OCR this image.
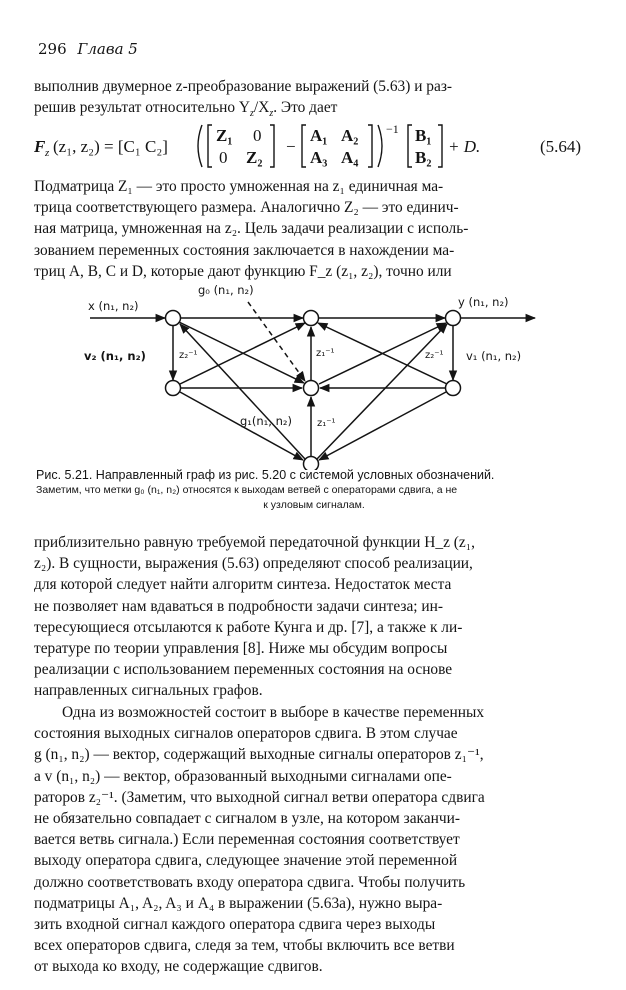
296 Глава 5

выполнив двумерное z-преобразование выражений (5.63) и раз-
решив результат относительно $Y_z/X_z$. Это дает

F z (z₁, z₂) = [C₁ C₂]
Z₁ 0
0 Z₂
−
A₁ A₂
A₃ A₄
−1 B₁
B₂
+ D.	(5.64)

Подматрица Z₁ — это просто умноженная на z₁ единичная ма-
трица соответствующего размера. Аналогично Z₂ — это единич-
ная матрица, умноженная на z₂. Цель задачи реализации с исполь-
зованием переменных состояния заключается в нахождении ма-
триц A, B, C и D, которые дают функцию F_z (z₁, z₂), точно или

x (n₁, n₂)	y (n₁, n₂)
g₀ (n₁, n₂)
v₂ (n₁, n₂)	v₁ (n₁, n₂)
g₁(n₁, n₂)
z₂⁻¹	z₁⁻¹	z₂⁻¹
z₁⁻¹
Рис. 5.21. Направленный граф из рис. 5.20 с системой условных обозначений.
Заметим, что метки g₀ (n₁, n₂) относятся к выходам ветвей с операторами сдвига, а не
к узловым сигналам.

приблизительно равную требуемой передаточной функции H_z (z₁,
z₂). В сущности, выражения (5.63) определяют способ реализации,
для которой следует найти алгоритм синтеза. Недостаток места
не позволяет нам вдаваться в подробности задачи синтеза; ин-
тересующиеся отсылаются к работе Кунга и др. [7], а также к ли-
тературе по теории управления [8]. Ниже мы обсудим вопросы
реализации с использованием переменных состояния на основе
направленных сигнальных графов.

Одна из возможностей состоит в выборе в качестве переменных
состояния выходных сигналов операторов сдвига. В этом случае
g (n₁, n₂) — вектор, содержащий выходные сигналы операторов z₁⁻¹,
а v (n₁, n₂) — вектор, образованный выходными сигналами опе-
раторов z₂⁻¹. (Заметим, что выходной сигнал ветви оператора сдвига
не обязательно совпадает с сигналом в узле, на котором заканчи-
вается ветвь сигнала.) Если переменная состояния соответствует
выходу оператора сдвига, следующее значение этой переменной
должно соответствовать входу оператора сдвига. Чтобы получить
подматрицы A₁, A₂, A₃ и A₄ в выражении (5.63а), нужно выра-
зить входной сигнал каждого оператора сдвига через выходы
всех операторов сдвига, следя за тем, чтобы включить все ветви
от выхода ко входу, не содержащие сдвигов.
